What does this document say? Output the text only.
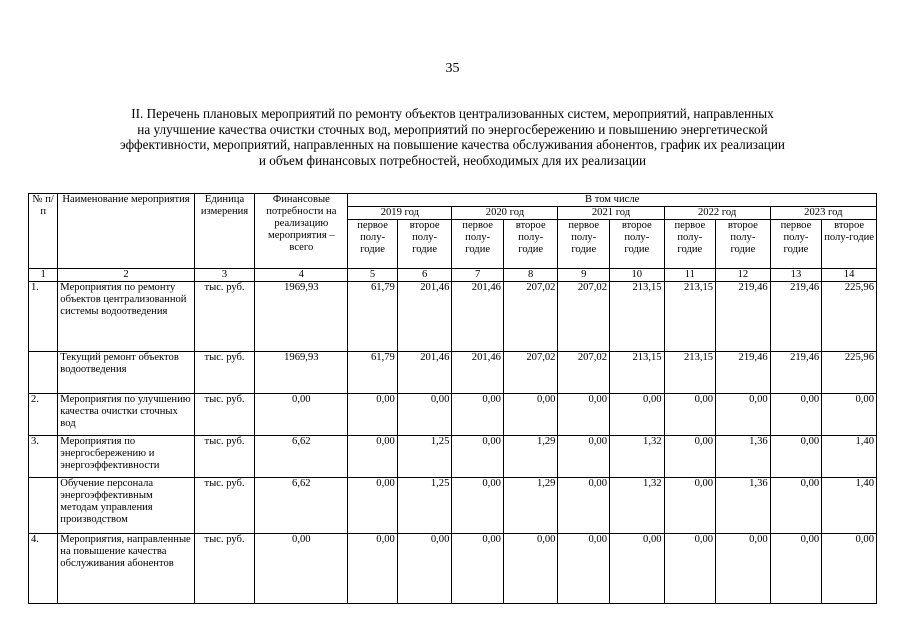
35
II. Перечень плановых мероприятий по ремонту объектов централизованных систем, мероприятий, направленных
на улучшение качества очистки сточных вод, мероприятий по энергосбережению и повышению энергетической
эффективности, мероприятий, направленных на повышение качества обслуживания абонентов, график их реализации
и объем финансовых потребностей, необходимых для их реализации
№ п/п	Наименование мероприятия	Единица измерения	Финансовые потребности на реализацию мероприятия – всего	В том числе									
				2019 год		2020 год		2021 год		2022 год		2023 год	
				первое полу-годие	второе полу-годие	первое полу-годие	второе полу-годие	первое полу-годие	второе полу-годие	первое полу-годие	второе полу-годие	первое полу-годие	второе полу-годие
1	2	3	4	5	6	7	8	9	10	11	12	13	14
1.	Мероприятия по ремонту объектов централизованной системы водоотведения	тыс. руб.	1969,93	61,79	201,46	201,46	207,02	207,02	213,15	213,15	219,46	219,46	225,96
	Текущий ремонт объектов водоотведения	тыс. руб.	1969,93	61,79	201,46	201,46	207,02	207,02	213,15	213,15	219,46	219,46	225,96
2.	Мероприятия по улучшению качества очистки сточных вод	тыс. руб.	0,00	0,00	0,00	0,00	0,00	0,00	0,00	0,00	0,00	0,00	0,00
3.	Мероприятия по энергосбережению и энергоэффективности	тыс. руб.	6,62	0,00	1,25	0,00	1,29	0,00	1,32	0,00	1,36	0,00	1,40
	Обучение персонала энергоэффективным методам управления производством	тыс. руб.	6,62	0,00	1,25	0,00	1,29	0,00	1,32	0,00	1,36	0,00	1,40
4.	Мероприятия, направленные на повышение качества обслуживания абонентов	тыс. руб.	0,00	0,00	0,00	0,00	0,00	0,00	0,00	0,00	0,00	0,00	0,00
